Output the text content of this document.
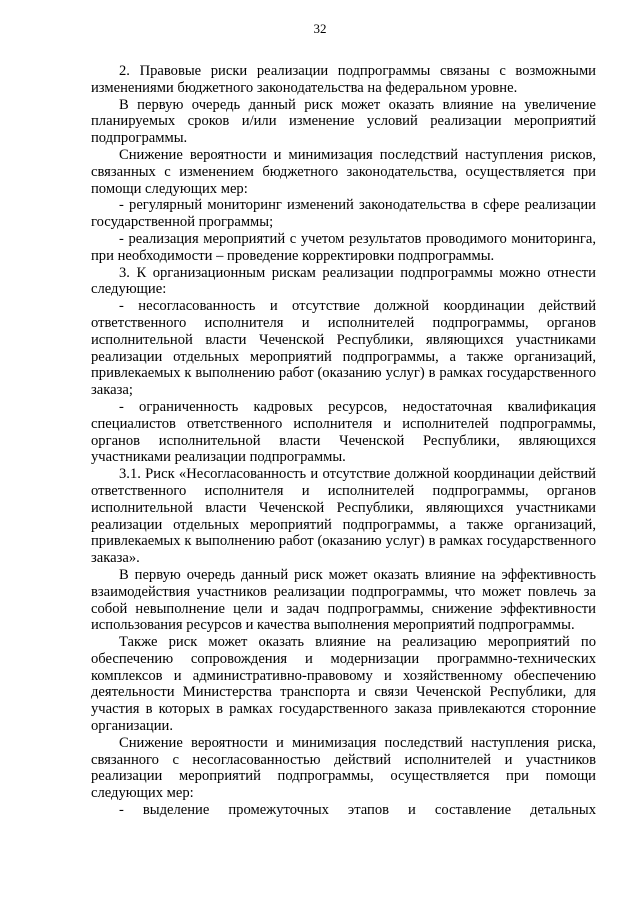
32

2. Правовые риски реализации подпрограммы связаны с возможными изменениями бюджетного законодательства на федеральном уровне.

В первую очередь данный риск может оказать влияние на увеличение планируемых сроков и/или изменение условий реализации мероприятий подпрограммы.

Снижение вероятности и минимизация последствий наступления рисков, связанных с изменением бюджетного законодательства, осуществляется при помощи следующих мер:

- регулярный мониторинг изменений законодательства в сфере реализации государственной программы;

- реализация мероприятий с учетом результатов проводимого мониторинга, при необходимости – проведение корректировки подпрограммы.

3. К организационным рискам реализации подпрограммы можно отнести следующие:

- несогласованность и отсутствие должной координации действий ответственного исполнителя и исполнителей подпрограммы, органов исполнительной власти Чеченской Республики, являющихся участниками реализации отдельных мероприятий подпрограммы, а также организаций, привлекаемых к выполнению работ (оказанию услуг) в рамках государственного заказа;

- ограниченность кадровых ресурсов, недостаточная квалификация специалистов ответственного исполнителя и исполнителей подпрограммы, органов исполнительной власти Чеченской Республики, являющихся участниками реализации подпрограммы.

3.1. Риск «Несогласованность и отсутствие должной координации действий ответственного исполнителя и исполнителей подпрограммы, органов исполнительной власти Чеченской Республики, являющихся участниками реализации отдельных мероприятий подпрограммы, а также организаций, привлекаемых к выполнению работ (оказанию услуг) в рамках государственного заказа».

В первую очередь данный риск может оказать влияние на эффективность взаимодействия участников реализации подпрограммы, что может повлечь за собой невыполнение цели и задач подпрограммы, снижение эффективности использования ресурсов и качества выполнения мероприятий подпрограммы.

Также риск может оказать влияние на реализацию мероприятий по обеспечению сопровождения и модернизации программно-технических комплексов и административно-правовому и хозяйственному обеспечению деятельности Министерства транспорта и связи Чеченской Республики, для участия в которых в рамках государственного заказа привлекаются сторонние организации.

Снижение вероятности и минимизация последствий наступления риска, связанного с несогласованностью действий исполнителей и участников реализации мероприятий подпрограммы, осуществляется при помощи следующих мер:

- выделение промежуточных этапов и составление детальных
